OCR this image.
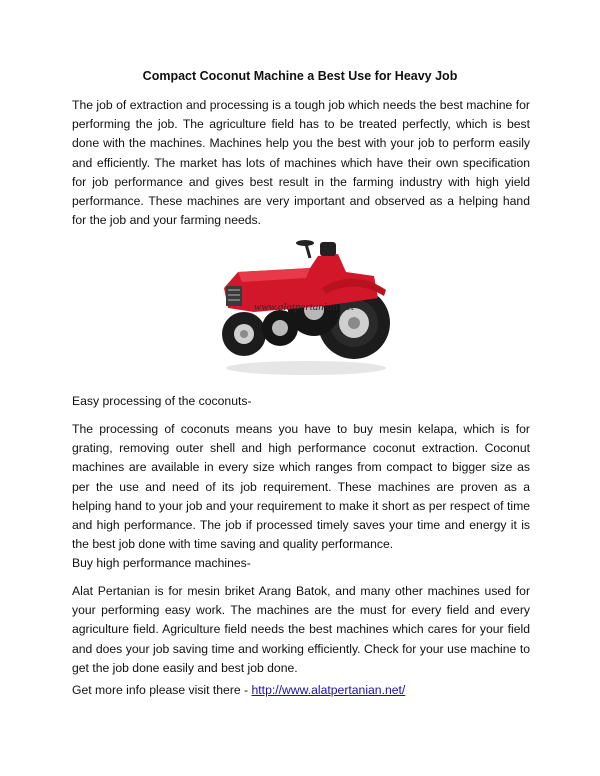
Compact Coconut Machine a Best Use for Heavy Job

The job of extraction and processing is a tough job which needs the best machine for performing the job. The agriculture field has to be treated perfectly, which is best done with the machines. Machines help you the best with your job to perform easily and efficiently. The market has lots of machines which have their own specification for job performance and gives best result in the farming industry with high yield performance. These machines are very important and observed as a helping hand for the job and your farming needs.

www.alatpertanian.net

Easy processing of the coconuts-

The processing of coconuts means you have to buy mesin kelapa, which is for grating, removing outer shell and high performance coconut extraction. Coconut machines are available in every size which ranges from compact to bigger size as per the use and need of its job requirement. These machines are proven as a helping hand to your job and your requirement to make it short as per respect of time and high performance. The job if processed timely saves your time and energy it is the best job done with time saving and quality performance.

Buy high performance machines-

Alat Pertanian is for mesin briket Arang Batok, and many other machines used for your performing easy work. The machines are the must for every field and every agriculture field. Agriculture field needs the best machines which cares for your field and does your job saving time and working efficiently. Check for your use machine to get the job done easily and best job done.

Get more info please visit there - http://www.alatpertanian.net/
